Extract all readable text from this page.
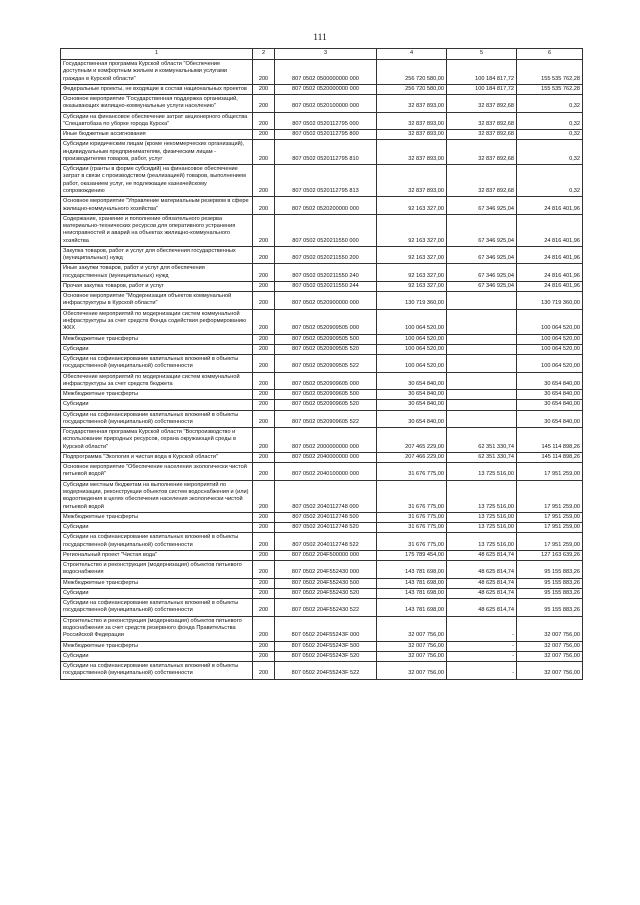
111
1	2	3	4	5	6
Государственная программа Курской области "Обеспечение доступным и комфортным жильем и коммунальными услугами граждан в Курской области"	200	807 0502 0500000000 000	256 720 580,00	100 184 817,72	155 535 762,28
Федеральные проекты, не входящие в состав национальных проектов	200	807 0502 0520000000 000	256 720 580,00	100 184 817,72	155 535 762,28
Основное мероприятие "Государственная поддержка организаций, оказывающих жилищно-коммунальные услуги населению"	200	807 0502 0520100000 000	32 837 893,00	32 837 892,68	0,32
Субсидии на финансовое обеспечение затрат акционерного общества "Спецавтобаза по уборке города Курска"	200	807 0502 0520112795 000	32 837 893,00	32 837 892,68	0,32
Иные бюджетные ассигнования	200	807 0502 0520112795 800	32 837 893,00	32 837 892,68	0,32
Субсидии юридическим лицам (кроме некоммерческих организаций), индивидуальным предпринимателям, физическим лицам - производителям товаров, работ, услуг	200	807 0502 0520112795 810	32 837 893,00	32 837 892,68	0,32
Субсидии (гранты в форме субсидий) на финансовое обеспечение затрат в связи с производством (реализацией) товаров, выполнением работ, оказанием услуг, не подлежащие казначейскому сопровождению	200	807 0502 0520112795 813	32 837 893,00	32 837 892,68	0,32
Основное мероприятие "Управление материальным резервом в сфере жилищно-коммунального хозяйства"	200	807 0502 0520200000 000	92 163 327,00	67 346 925,04	24 816 401,96
Содержание, хранение и пополнение обязательного резерва материально-технических ресурсов для оперативного устранения неисправностей и аварий на объектах жилищно-коммунального хозяйства	200	807 0502 0520211550 000	92 163 327,00	67 346 925,04	24 816 401,96
Закупка товаров, работ и услуг для обеспечения государственных (муниципальных) нужд	200	807 0502 0520211550 200	92 163 327,00	67 346 925,04	24 816 401,96
Иные закупки товаров, работ и услуг для обеспечения государственных (муниципальных) нужд	200	807 0502 0520211550 240	92 163 327,00	67 346 925,04	24 816 401,96
Прочая закупка товаров, работ и услуг	200	807 0502 0520211550 244	92 163 327,00	67 346 925,04	24 816 401,96
Основное мероприятие "Модернизация объектов коммунальной инфраструктуры в Курской области"	200	807 0502 0520900000 000	130 719 360,00		130 719 360,00
Обеспечение мероприятий по модернизации систем коммунальной инфраструктуры за счет средств Фонда содействия реформированию ЖКХ	200	807 0502 0520909505 000	100 064 520,00		100 064 520,00
Межбюджетные трансферты	200	807 0502 0520909505 500	100 064 520,00		100 064 520,00
Субсидии	200	807 0502 0520909505 520	100 064 520,00		100 064 520,00
Субсидии на софинансирование капитальных вложений в объекты государственной (муниципальной) собственности	200	807 0502 0520909505 522	100 064 520,00		100 064 520,00
Обеспечение мероприятий по модернизации систем коммунальной инфраструктуры за счет средств бюджета	200	807 0502 0520909605 000	30 654 840,00		30 654 840,00
Межбюджетные трансферты	200	807 0502 0520909605 500	30 654 840,00		30 654 840,00
Субсидии	200	807 0502 0520909605 520	30 654 840,00		30 654 840,00
Субсидии на софинансирование капитальных вложений в объекты государственной (муниципальной) собственности	200	807 0502 0520909605 522	30 654 840,00		30 654 840,00
Государственная программа Курской области "Воспроизводство и использование природных ресурсов, охрана окружающей среды в Курской области"	200	807 0502 2000000000 000	207 465 229,00	62 351 330,74	145 114 898,26
Подпрограмма "Экология и чистая вода в Курской области"	200	807 0502 2040000000 000	207 466 229,00	62 351 330,74	145 114 898,26
Основное мероприятие "Обеспечение населения экологически чистой питьевой водой"	200	807 0502 2040100000 000	31 676 775,00	13 725 516,00	17 951 259,00
Субсидии местным бюджетам на выполнение мероприятий по модернизации, реконструкции объектов систем водоснабжения и (или) водоотведения в целях обеспечения населения экологически чистой питьевой водой	200	807 0502 2040112748 000	31 676 775,00	13 725 516,00	17 951 259,00
Межбюджетные трансферты	200	807 0502 2040112748 500	31 676 775,00	13 725 516,00	17 951 259,00
Субсидии	200	807 0502 2040112748 520	31 676 775,00	13 725 516,00	17 951 259,00
Субсидии на софинансирование капитальных вложений в объекты государственной (муниципальной) собственности	200	807 0502 2040112748 522	31 676 775,00	13 725 516,00	17 951 259,00
Региональный проект "Чистая вода"	200	807 0502 204F500000 000	175 789 454,00	48 625 814,74	127 163 639,26
Строительство и реконструкция (модернизация) объектов питьевого водоснабжения	200	807 0502 204F552430 000	143 781 698,00	48 625 814,74	95 155 883,26
Межбюджетные трансферты	200	807 0502 204F552430 500	143 781 698,00	48 625 814,74	95 155 883,26
Субсидии	200	807 0502 204F552430 520	143 781 698,00	48 625 814,74	95 155 883,26
Субсидии на софинансирование капитальных вложений в объекты государственной (муниципальной) собственности	200	807 0502 204F552430 522	143 781 698,00	48 625 814,74	95 155 883,26
Строительство и реконструкция (модернизация) объектов питьевого водоснабжения за счет средств резервного фонда Правительства Российской Федерации	200	807 0502 204F5524ЗF 000	32 007 756,00	-	32 007 756,00
Межбюджетные трансферты	200	807 0502 204F5524ЗF 500	32 007 756,00	-	32 007 756,00
Субсидии	200	807 0502 204F5524ЗF 520	32 007 756,00	-	32 007 756,00
Субсидии на софинансирование капитальных вложений в объекты государственной (муниципальной) собственности	200	807 0502 204F5524ЗF 522	32 007 756,00	-	32 007 756,00
